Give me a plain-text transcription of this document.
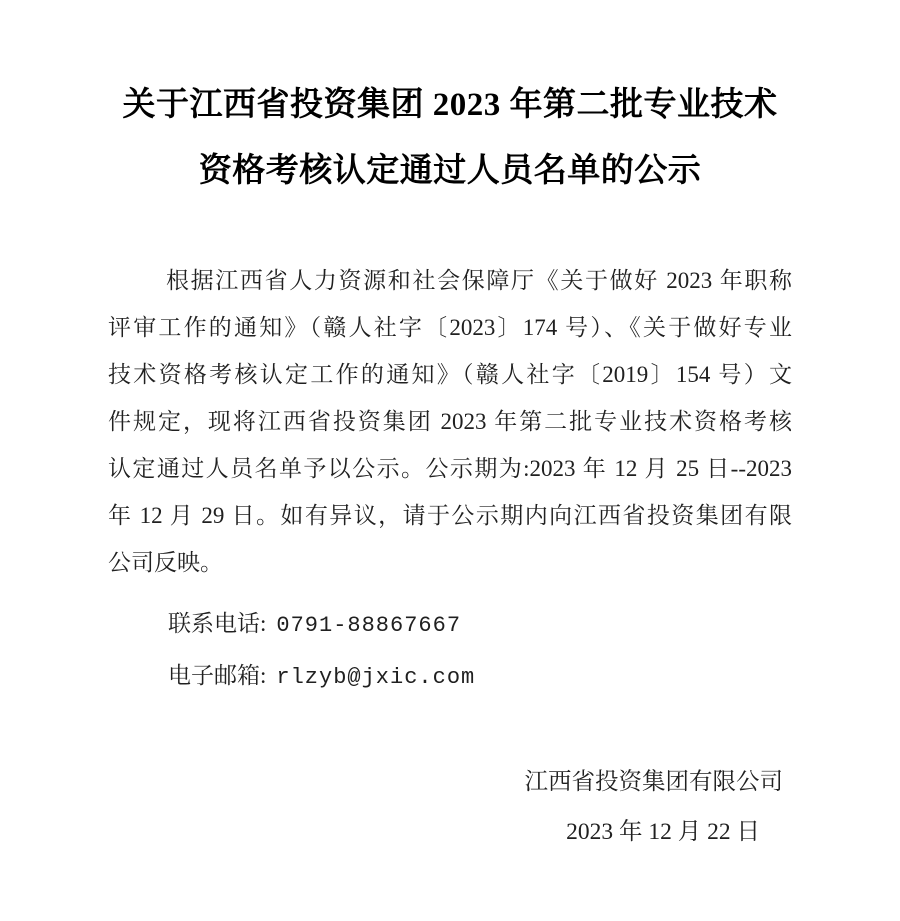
关于江西省投资集团 2023 年第二批专业技术
资格考核认定通过人员名单的公示
根据江西省人力资源和社会保障厅《关于做好 2023 年职称
评审工作的通知》（赣人社字〔2023〕174 号）、《关于做好专业
技术资格考核认定工作的通知》（赣人社字〔2019〕154 号）文
件规定，现将江西省投资集团 2023 年第二批专业技术资格考核
认定通过人员名单予以公示。公示期为:2023 年 12 月 25 日--2023
年 12 月 29 日。如有异议，请于公示期内向江西省投资集团有限
公司反映。
联系电话: 0791-88867667
电子邮箱: rlzyb@jxic.com
江西省投资集团有限公司
2023 年 12 月 22 日
